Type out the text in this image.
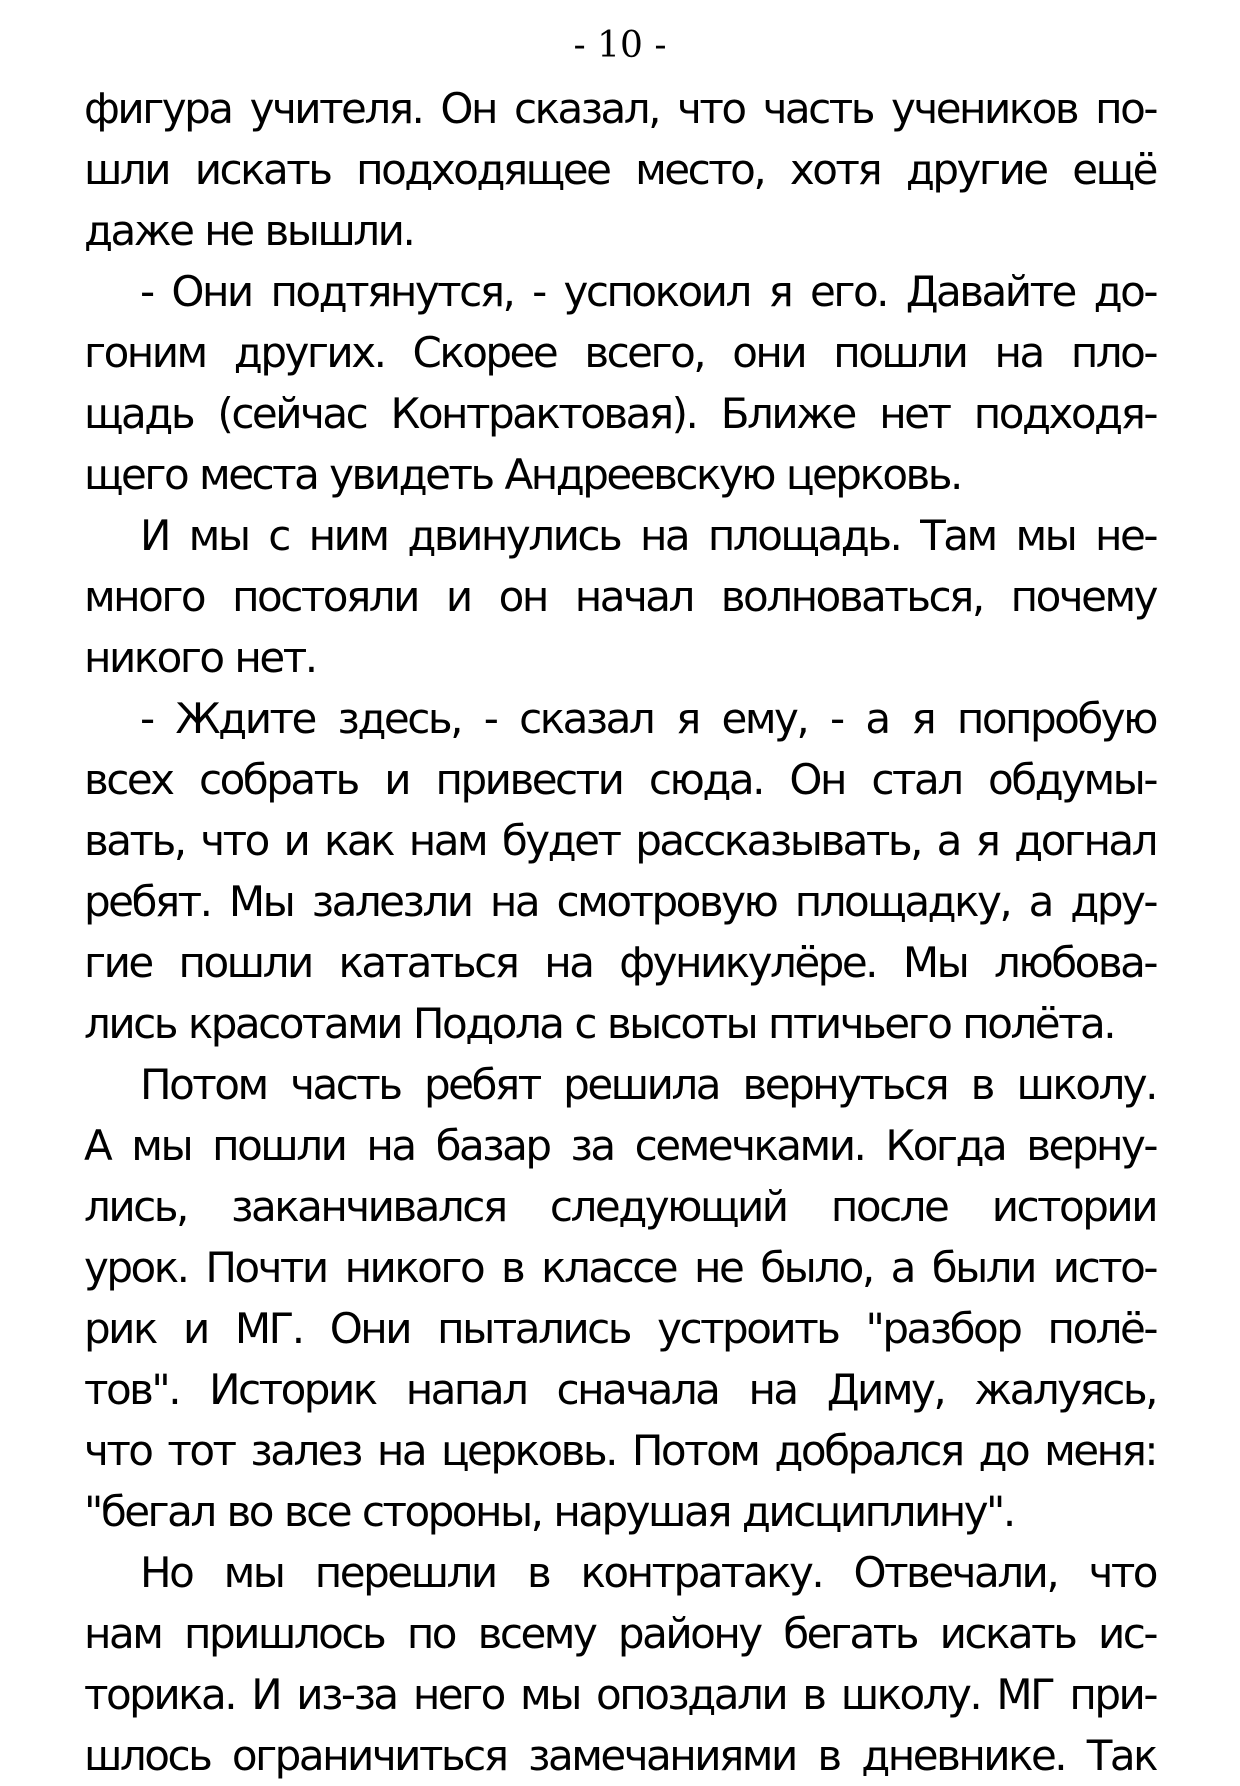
- 10 -

фигура учителя. Он сказал, что часть учеников по-
шли искать подходящее место, хотя другие ещё
даже не вышли.

- Они подтянутся, - успокоил я его. Давайте до-
гоним других. Скорее всего, они пошли на пло-
щадь (сейчас Контрактовая). Ближе нет подходя-
щего места увидеть Андреевскую церковь.

И мы с ним двинулись на площадь. Там мы не-
много постояли и он начал волноваться, почему
никого нет.

- Ждите здесь, - сказал я ему, - а я попробую
всех собрать и привести сюда. Он стал обдумы-
вать, что и как нам будет рассказывать, а я догнал
ребят. Мы залезли на смотровую площадку, а дру-
гие пошли кататься на фуникулёре. Мы любова-
лись красотами Подола с высоты птичьего полёта.

Потом часть ребят решила вернуться в школу.
А мы пошли на базар за семечками. Когда верну-
лись, заканчивался следующий после истории
урок. Почти никого в классе не было, а были исто-
рик и МГ. Они пытались устроить "разбор полё-
тов". Историк напал сначала на Диму, жалуясь,
что тот залез на церковь. Потом добрался до меня:
"бегал во все стороны, нарушая дисциплину".

Но мы перешли в контратаку. Отвечали, что
нам пришлось по всему району бегать искать ис-
торика. И из-за него мы опоздали в школу. МГ при-
шлось ограничиться замечаниями в дневнике. Так
